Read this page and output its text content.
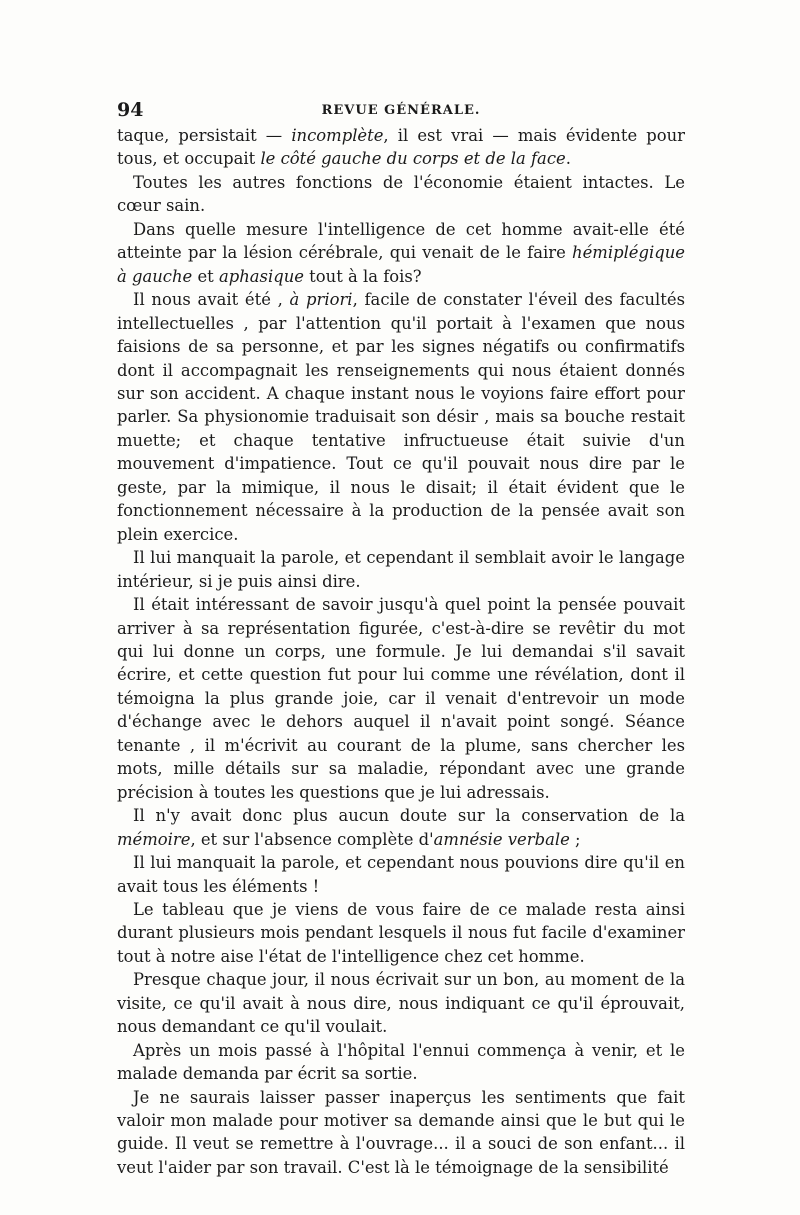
94	REVUE GÉNÉRALE.

taque, persistait — incomplète, il est vrai — mais évidente pour tous, et occupait le côté gauche du corps et de la face.

Toutes les autres fonctions de l'économie étaient intactes. Le cœur sain.

Dans quelle mesure l'intelligence de cet homme avait-elle été atteinte par la lésion cérébrale, qui venait de le faire hémiplégique à gauche et aphasique tout à la fois?

Il nous avait été , à priori, facile de constater l'éveil des facultés intellectuelles , par l'attention qu'il portait à l'examen que nous faisions de sa personne, et par les signes négatifs ou confirmatifs dont il accompagnait les renseignements qui nous étaient donnés sur son accident. A chaque instant nous le voyions faire effort pour parler. Sa physionomie traduisait son désir , mais sa bouche restait muette; et chaque tentative infructueuse était suivie d'un mouvement d'impatience. Tout ce qu'il pouvait nous dire par le geste, par la mimique, il nous le disait; il était évident que le fonctionnement nécessaire à la production de la pensée avait son plein exercice.

Il lui manquait la parole, et cependant il semblait avoir le langage intérieur, si je puis ainsi dire.

Il était intéressant de savoir jusqu'à quel point la pensée pouvait arriver à sa représentation figurée, c'est-à-dire se revêtir du mot qui lui donne un corps, une formule. Je lui demandai s'il savait écrire, et cette question fut pour lui comme une révélation, dont il témoigna la plus grande joie, car il venait d'entrevoir un mode d'échange avec le dehors auquel il n'avait point songé. Séance tenante , il m'écrivit au courant de la plume, sans chercher les mots, mille détails sur sa maladie, répondant avec une grande précision à toutes les questions que je lui adressais.

Il n'y avait donc plus aucun doute sur la conservation de la mémoire, et sur l'absence complète d'amnésie verbale ;

Il lui manquait la parole, et cependant nous pouvions dire qu'il en avait tous les éléments !

Le tableau que je viens de vous faire de ce malade resta ainsi durant plusieurs mois pendant lesquels il nous fut facile d'examiner tout à notre aise l'état de l'intelligence chez cet homme.

Presque chaque jour, il nous écrivait sur un bon, au moment de la visite, ce qu'il avait à nous dire, nous indiquant ce qu'il éprouvait, nous demandant ce qu'il voulait.

Après un mois passé à l'hôpital l'ennui commença à venir, et le malade demanda par écrit sa sortie.

Je ne saurais laisser passer inaperçus les sentiments que fait valoir mon malade pour motiver sa demande ainsi que le but qui le guide. Il veut se remettre à l'ouvrage... il a souci de son enfant... il veut l'aider par son travail. C'est là le témoignage de la sensibilité
